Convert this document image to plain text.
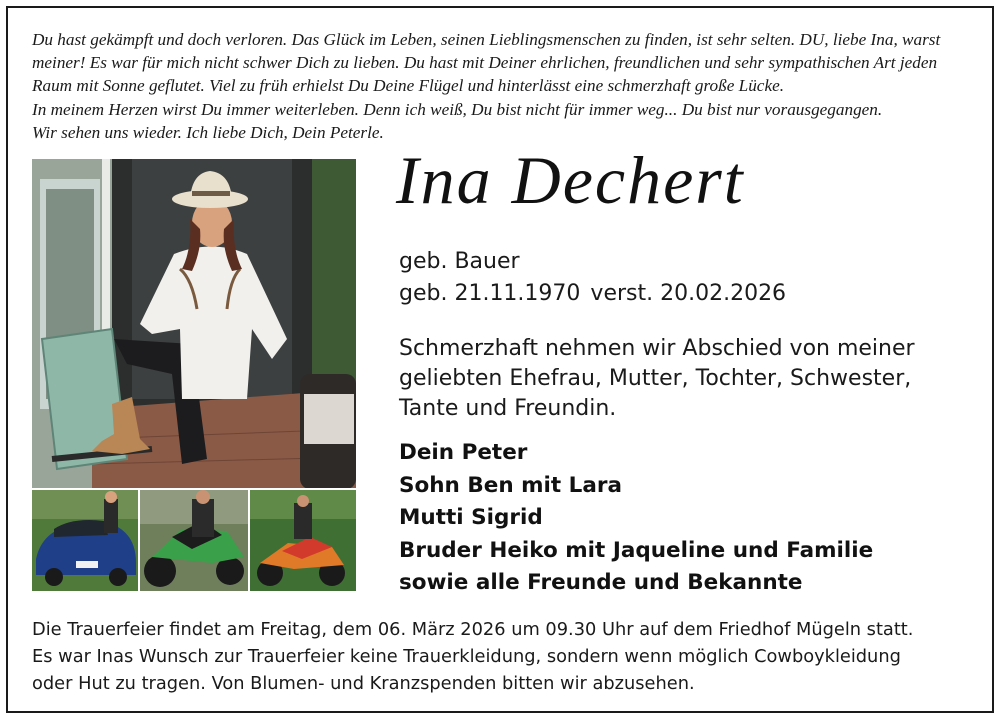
Du hast gekämpft und doch verloren. Das Glück im Leben, seinen Lieblingsmenschen zu finden, ist sehr selten. DU, liebe Ina, warst
meiner! Es war für mich nicht schwer Dich zu lieben. Du hast mit Deiner ehrlichen, freundlichen und sehr sympathischen Art jeden
Raum mit Sonne geflutet. Viel zu früh erhielst Du Deine Flügel und hinterlässt eine schmerzhaft große Lücke.
In meinem Herzen wirst Du immer weiterleben. Denn ich weiß, Du bist nicht für immer weg... Du bist nur vorausgegangen.
Wir sehen uns wieder. Ich liebe Dich, Dein Peterle.
Ina Dechert
geb. Bauer
geb. 21.11.1970 verst. 20.02.2026
Schmerzhaft nehmen wir Abschied von meiner
geliebten Ehefrau, Mutter, Tochter, Schwester,
Tante und Freundin.
Dein Peter
Sohn Ben mit Lara
Mutti Sigrid
Bruder Heiko mit Jaqueline und Familie
sowie alle Freunde und Bekannte
Die Trauerfeier findet am Freitag, dem 06. März 2026 um 09.30 Uhr auf dem Friedhof Mügeln statt.
Es war Inas Wunsch zur Trauerfeier keine Trauerkleidung, sondern wenn möglich Cowboykleidung
oder Hut zu tragen. Von Blumen- und Kranzspenden bitten wir abzusehen.
